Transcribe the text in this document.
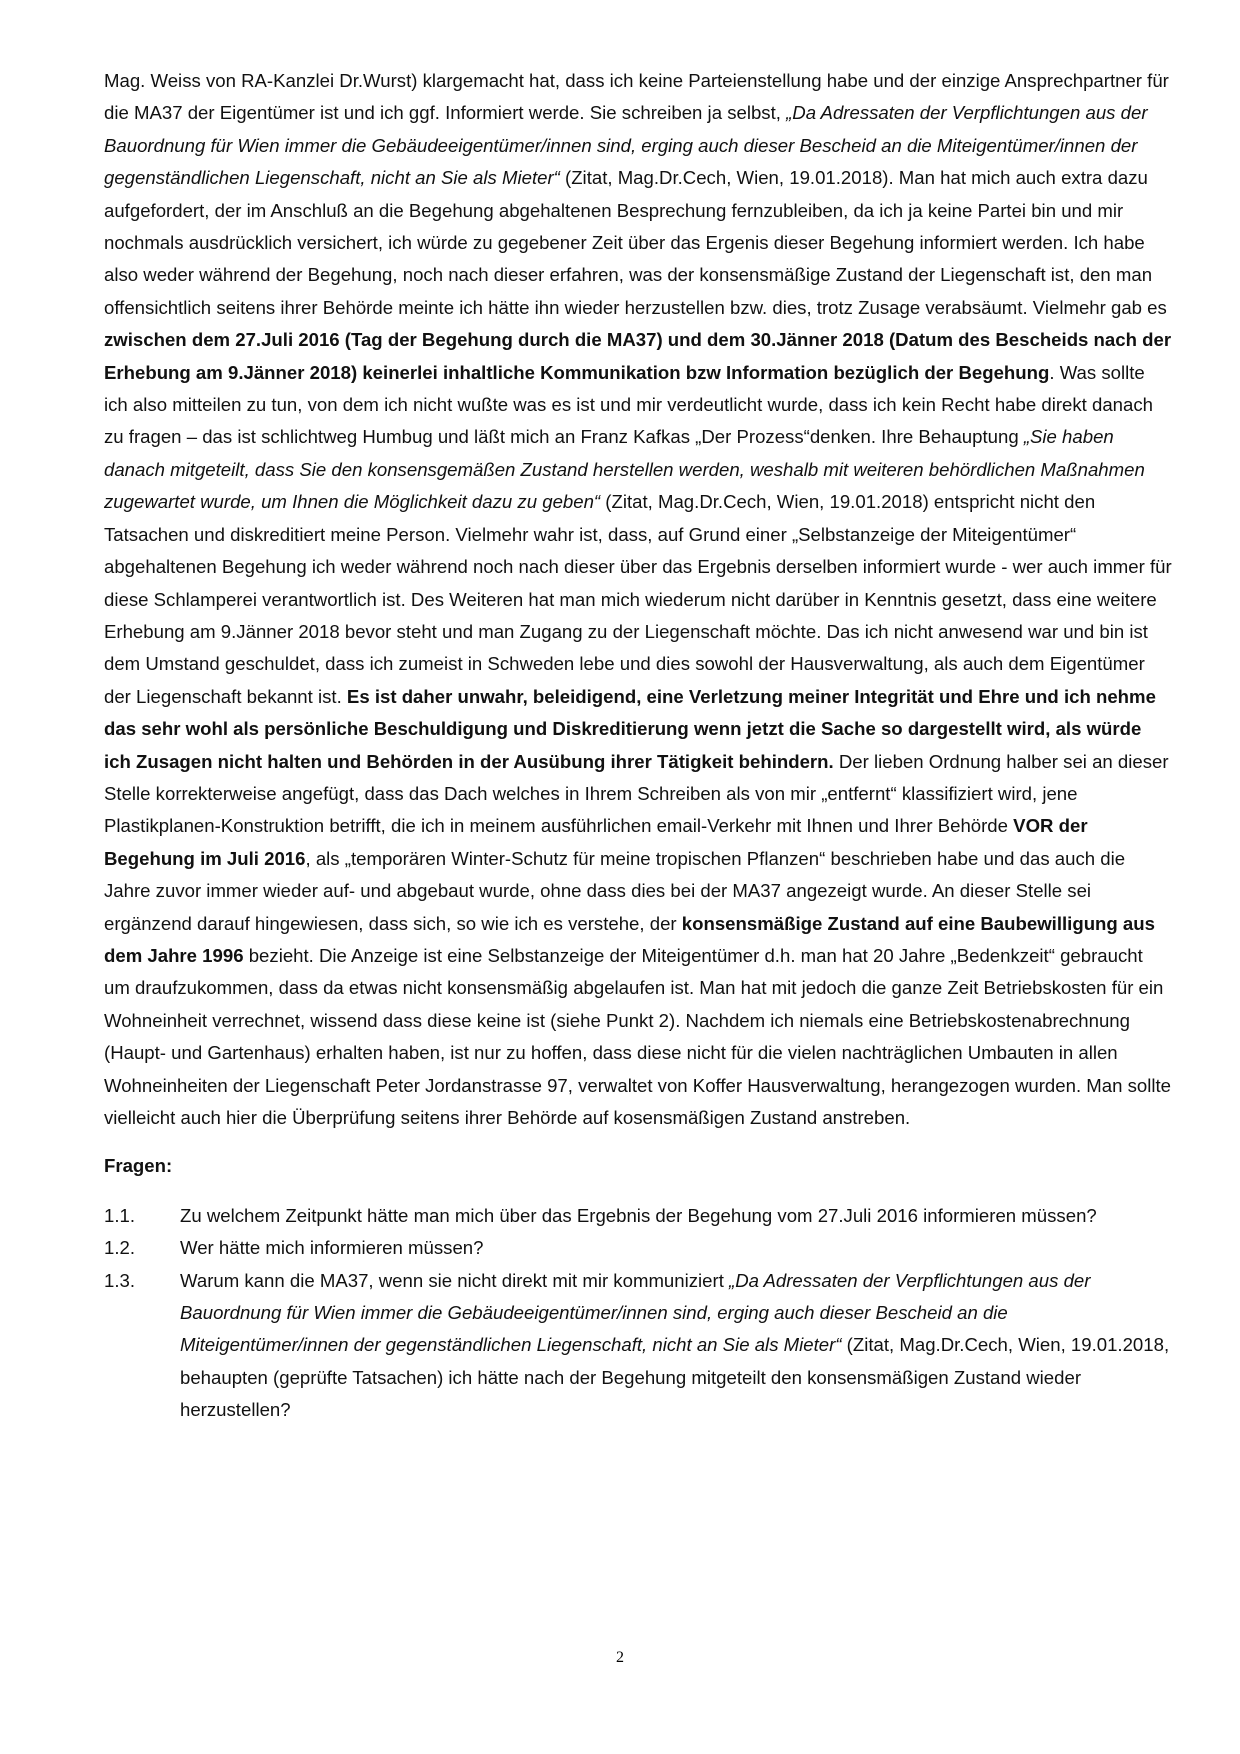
Mag. Weiss von RA-Kanzlei Dr.Wurst) klargemacht hat, dass ich keine Parteienstellung habe und der einzige Ansprechpartner für die MA37 der Eigentümer ist und ich ggf. Informiert werde. Sie schreiben ja selbst, „Da Adressaten der Verpflichtungen aus der Bauordnung für Wien immer die Gebäudeeigentümer/innen sind, erging auch dieser Bescheid an die Miteigentümer/innen der gegenständlichen Liegenschaft, nicht an Sie als Mieter“ (Zitat, Mag.Dr.Cech, Wien, 19.01.2018). Man hat mich auch extra dazu aufgefordert, der im Anschluß an die Begehung abgehaltenen Besprechung fernzubleiben, da ich ja keine Partei bin und mir nochmals ausdrücklich versichert, ich würde zu gegebener Zeit über das Ergenis dieser Begehung informiert werden. Ich habe also weder während der Begehung, noch nach dieser erfahren, was der konsensmäßige Zustand der Liegenschaft ist, den man offensichtlich seitens ihrer Behörde meinte ich hätte ihn wieder herzustellen bzw. dies, trotz Zusage verabsäumt. Vielmehr gab es zwischen dem 27.Juli 2016 (Tag der Begehung durch die MA37) und dem 30.Jänner 2018 (Datum des Bescheids nach der Erhebung am 9.Jänner 2018) keinerlei inhaltliche Kommunikation bzw Information bezüglich der Begehung. Was sollte ich also mitteilen zu tun, von dem ich nicht wußte was es ist und mir verdeutlicht wurde, dass ich kein Recht habe direkt danach zu fragen – das ist schlichtweg Humbug und läßt mich an Franz Kafkas „Der Prozess“denken. Ihre Behauptung „Sie haben danach mitgeteilt, dass Sie den konsensgemäßen Zustand herstellen werden, weshalb mit weiteren behördlichen Maßnahmen zugewartet wurde, um Ihnen die Möglichkeit dazu zu geben“ (Zitat, Mag.Dr.Cech, Wien, 19.01.2018) entspricht nicht den Tatsachen und diskreditiert meine Person. Vielmehr wahr ist, dass, auf Grund einer „Selbstanzeige der Miteigentümer“ abgehaltenen Begehung ich weder während noch nach dieser über das Ergebnis derselben informiert wurde - wer auch immer für diese Schlamperei verantwortlich ist. Des Weiteren hat man mich wiederum nicht darüber in Kenntnis gesetzt, dass eine weitere Erhebung am 9.Jänner 2018 bevor steht und man Zugang zu der Liegenschaft möchte. Das ich nicht anwesend war und bin ist dem Umstand geschuldet, dass ich zumeist in Schweden lebe und dies sowohl der Hausverwaltung, als auch dem Eigentümer der Liegenschaft bekannt ist. Es ist daher unwahr, beleidigend, eine Verletzung meiner Integrität und Ehre und ich nehme das sehr wohl als persönliche Beschuldigung und Diskreditierung wenn jetzt die Sache so dargestellt wird, als würde ich Zusagen nicht halten und Behörden in der Ausübung ihrer Tätigkeit behindern. Der lieben Ordnung halber sei an dieser Stelle korrekterweise angefügt, dass das Dach welches in Ihrem Schreiben als von mir „entfernt“ klassifiziert wird, jene Plastikplanen-Konstruktion betrifft, die ich in meinem ausführlichen email-Verkehr mit Ihnen und Ihrer Behörde VOR der Begehung im Juli 2016, als „temporären Winter-Schutz für meine tropischen Pflanzen“ beschrieben habe und das auch die Jahre zuvor immer wieder auf- und abgebaut wurde, ohne dass dies bei der MA37 angezeigt wurde. An dieser Stelle sei ergänzend darauf hingewiesen, dass sich, so wie ich es verstehe, der konsensmäßige Zustand auf eine Baubewilligung aus dem Jahre 1996 bezieht. Die Anzeige ist eine Selbstanzeige der Miteigentümer d.h. man hat 20 Jahre „Bedenkzeit“ gebraucht um draufzukommen, dass da etwas nicht konsensmäßig abgelaufen ist. Man hat mit jedoch die ganze Zeit Betriebskosten für ein Wohneinheit verrechnet, wissend dass diese keine ist (siehe Punkt 2). Nachdem ich niemals eine Betriebskostenabrechnung (Haupt- und Gartenhaus) erhalten haben, ist nur zu hoffen, dass diese nicht für die vielen nachträglichen Umbauten in allen Wohneinheiten der Liegenschaft Peter Jordanstrasse 97, verwaltet von Koffer Hausverwaltung, herangezogen wurden. Man sollte vielleicht auch hier die Überprüfung seitens ihrer Behörde auf kosensmäßigen Zustand anstreben.

Fragen:

1.1.	Zu welchem Zeitpunkt hätte man mich über das Ergebnis der Begehung vom 27.Juli 2016 informieren müssen?
1.2.	Wer hätte mich informieren müssen?
1.3.	Warum kann die MA37, wenn sie nicht direkt mit mir kommuniziert „Da Adressaten der Verpflichtungen aus der Bauordnung für Wien immer die Gebäudeeigentümer/innen sind, erging auch dieser Bescheid an die Miteigentümer/innen der gegenständlichen Liegenschaft, nicht an Sie als Mieter“ (Zitat, Mag.Dr.Cech, Wien, 19.01.2018, behaupten (geprüfte Tatsachen) ich hätte nach der Begehung mitgeteilt den konsensmäßigen Zustand wieder herzustellen?
2
